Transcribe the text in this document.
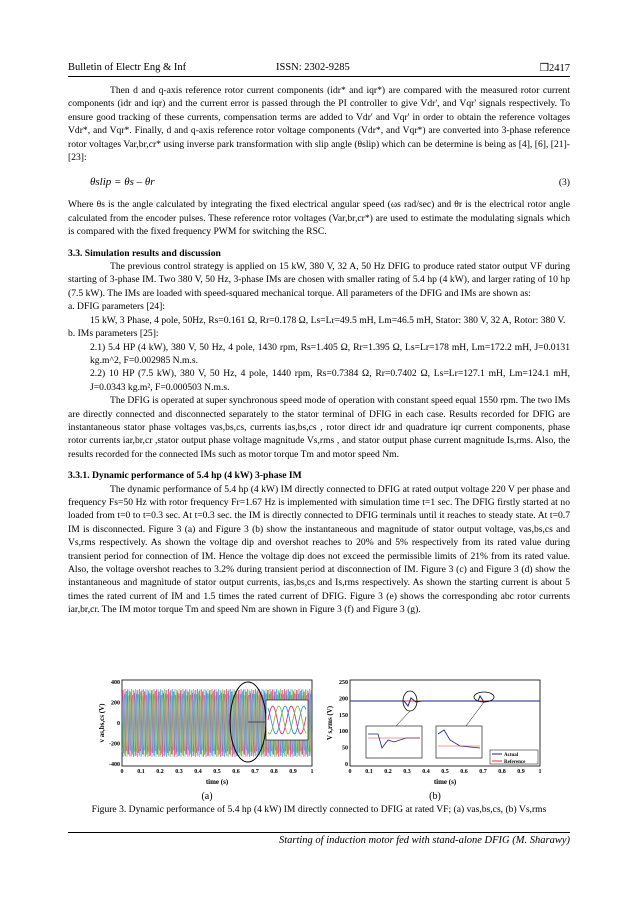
Bulletin of Electr Eng & Inf	ISSN: 2302-9285	❒2417

Then d and q-axis reference rotor current components (idr* and iqr*) are compared with the measured rotor current components (idr and iqr) and the current error is passed through the PI controller to give Vdr', and Vqr' signals respectively. To ensure good tracking of these currents, compensation terms are added to Vdr' and Vqr' in order to obtain the reference voltages Vdr*, and Vqr*. Finally, d and q-axis reference rotor voltage components (Vdr*, and Vqr*) are converted into 3-phase reference rotor voltages Var,br,cr* using inverse park transformation with slip angle (θslip) which can be determine is being as [4], [6], [21]-[23]:

θslip = θs – θr	(3)

Where θs is the angle calculated by integrating the fixed electrical angular speed (ωs rad/sec) and θr is the electrical rotor angle calculated from the encoder pulses. These reference rotor voltages (Var,br,cr*) are used to estimate the modulating signals which is compared with the fixed frequency PWM for switching the RSC.

3.3. Simulation results and discussion

The previous control strategy is applied on 15 kW, 380 V, 32 A, 50 Hz DFIG to produce rated stator output VF during starting of 3-phase IM. Two 380 V, 50 Hz, 3-phase IMs are chosen with smaller rating of 5.4 hp (4 kW), and larger rating of 10 hp (7.5 kW). The IMs are loaded with speed-squared mechanical torque. All parameters of the DFIG and IMs are shown as:

a. DFIG parameters [24]:

15 kW, 3 Phase, 4 pole, 50Hz, Rs=0.161 Ω, Rr=0.178 Ω, Ls=Lr=49.5 mH, Lm=46.5 mH, Stator: 380 V, 32 A, Rotor: 380 V.

b. IMs parameters [25]:

2.1) 5.4 HP (4 kW), 380 V, 50 Hz, 4 pole, 1430 rpm, Rs=1.405 Ω, Rr=1.395 Ω, Ls=Lr=178 mH, Lm=172.2 mH, J=0.0131 kg.m^2, F=0.002985 N.m.s.

2.2) 10 HP (7.5 kW), 380 V, 50 Hz, 4 pole, 1440 rpm, Rs=0.7384 Ω, Rr=0.7402 Ω, Ls=Lr=127.1 mH, Lm=124.1 mH, J=0.0343 kg.m², F=0.000503 N.m.s.

The DFIG is operated at super synchronous speed mode of operation with constant speed equal 1550 rpm. The two IMs are directly connected and disconnected separately to the stator terminal of DFIG in each case. Results recorded for DFIG are instantaneous stator phase voltages vas,bs,cs, currents ias,bs,cs , rotor direct idr and quadrature iqr current components, phase rotor currents iar,br,cr ,stator output phase voltage magnitude Vs,rms , and stator output phase current magnitude Is,rms. Also, the results recorded for the connected IMs such as motor torque Tm and motor speed Nm.

3.3.1. Dynamic performance of 5.4 hp (4 kW) 3-phase IM

The dynamic performance of 5.4 hp (4 kW) IM directly connected to DFIG at rated output voltage 220 V per phase and frequency Fs=50 Hz with rotor frequency Fr=1.67 Hz is implemented with simulation time t=1 sec. The DFIG firstly started at no loaded from t=0 to t=0.3 sec. At t=0.3 sec. the IM is directly connected to DFIG terminals until it reaches to steady state. At t=0.7 IM is disconnected. Figure 3 (a) and Figure 3 (b) show the instantaneous and magnitude of stator output voltage, vas,bs,cs and Vs,rms respectively. As shown the voltage dip and overshot reaches to 20% and 5% respectively from its rated value during transient period for connection of IM. Hence the voltage dip does not exceed the permissible limits of 21% from its rated value. Also, the voltage overshot reaches to 3.2% during transient period at disconnection of IM. Figure 3 (c) and Figure 3 (d) show the instantaneous and magnitude of stator output currents, ias,bs,cs and Is,rms respectively. As shown the starting current is about 5 times the rated current of IM and 1.5 times the rated current of DFIG. Figure 3 (e) shows the corresponding abc rotor currents iar,br,cr. The IM motor torque Tm and speed Nm are shown in Figure 3 (f) and Figure 3 (g).

0 0.1 0.2 0.3 0.4 0.5 0.6 0.7 0.8 0.9 1
400
200
0
-200
-400
v as,bs,cs (V)
time (s)
(a)
Actual
Reference
0 0.1 0.2 0.3 0.4 0.5 0.6 0.7 0.8 0.9 1
250
200
150
100
50
0
V s,rms (V)
time (s)
(b)
Figure 3. Dynamic performance of 5.4 hp (4 kW) IM directly connected to DFIG at rated VF; (a) vas,bs,cs, (b) Vs,rms
Starting of induction motor fed with stand-alone DFIG (M. Sharawy)
